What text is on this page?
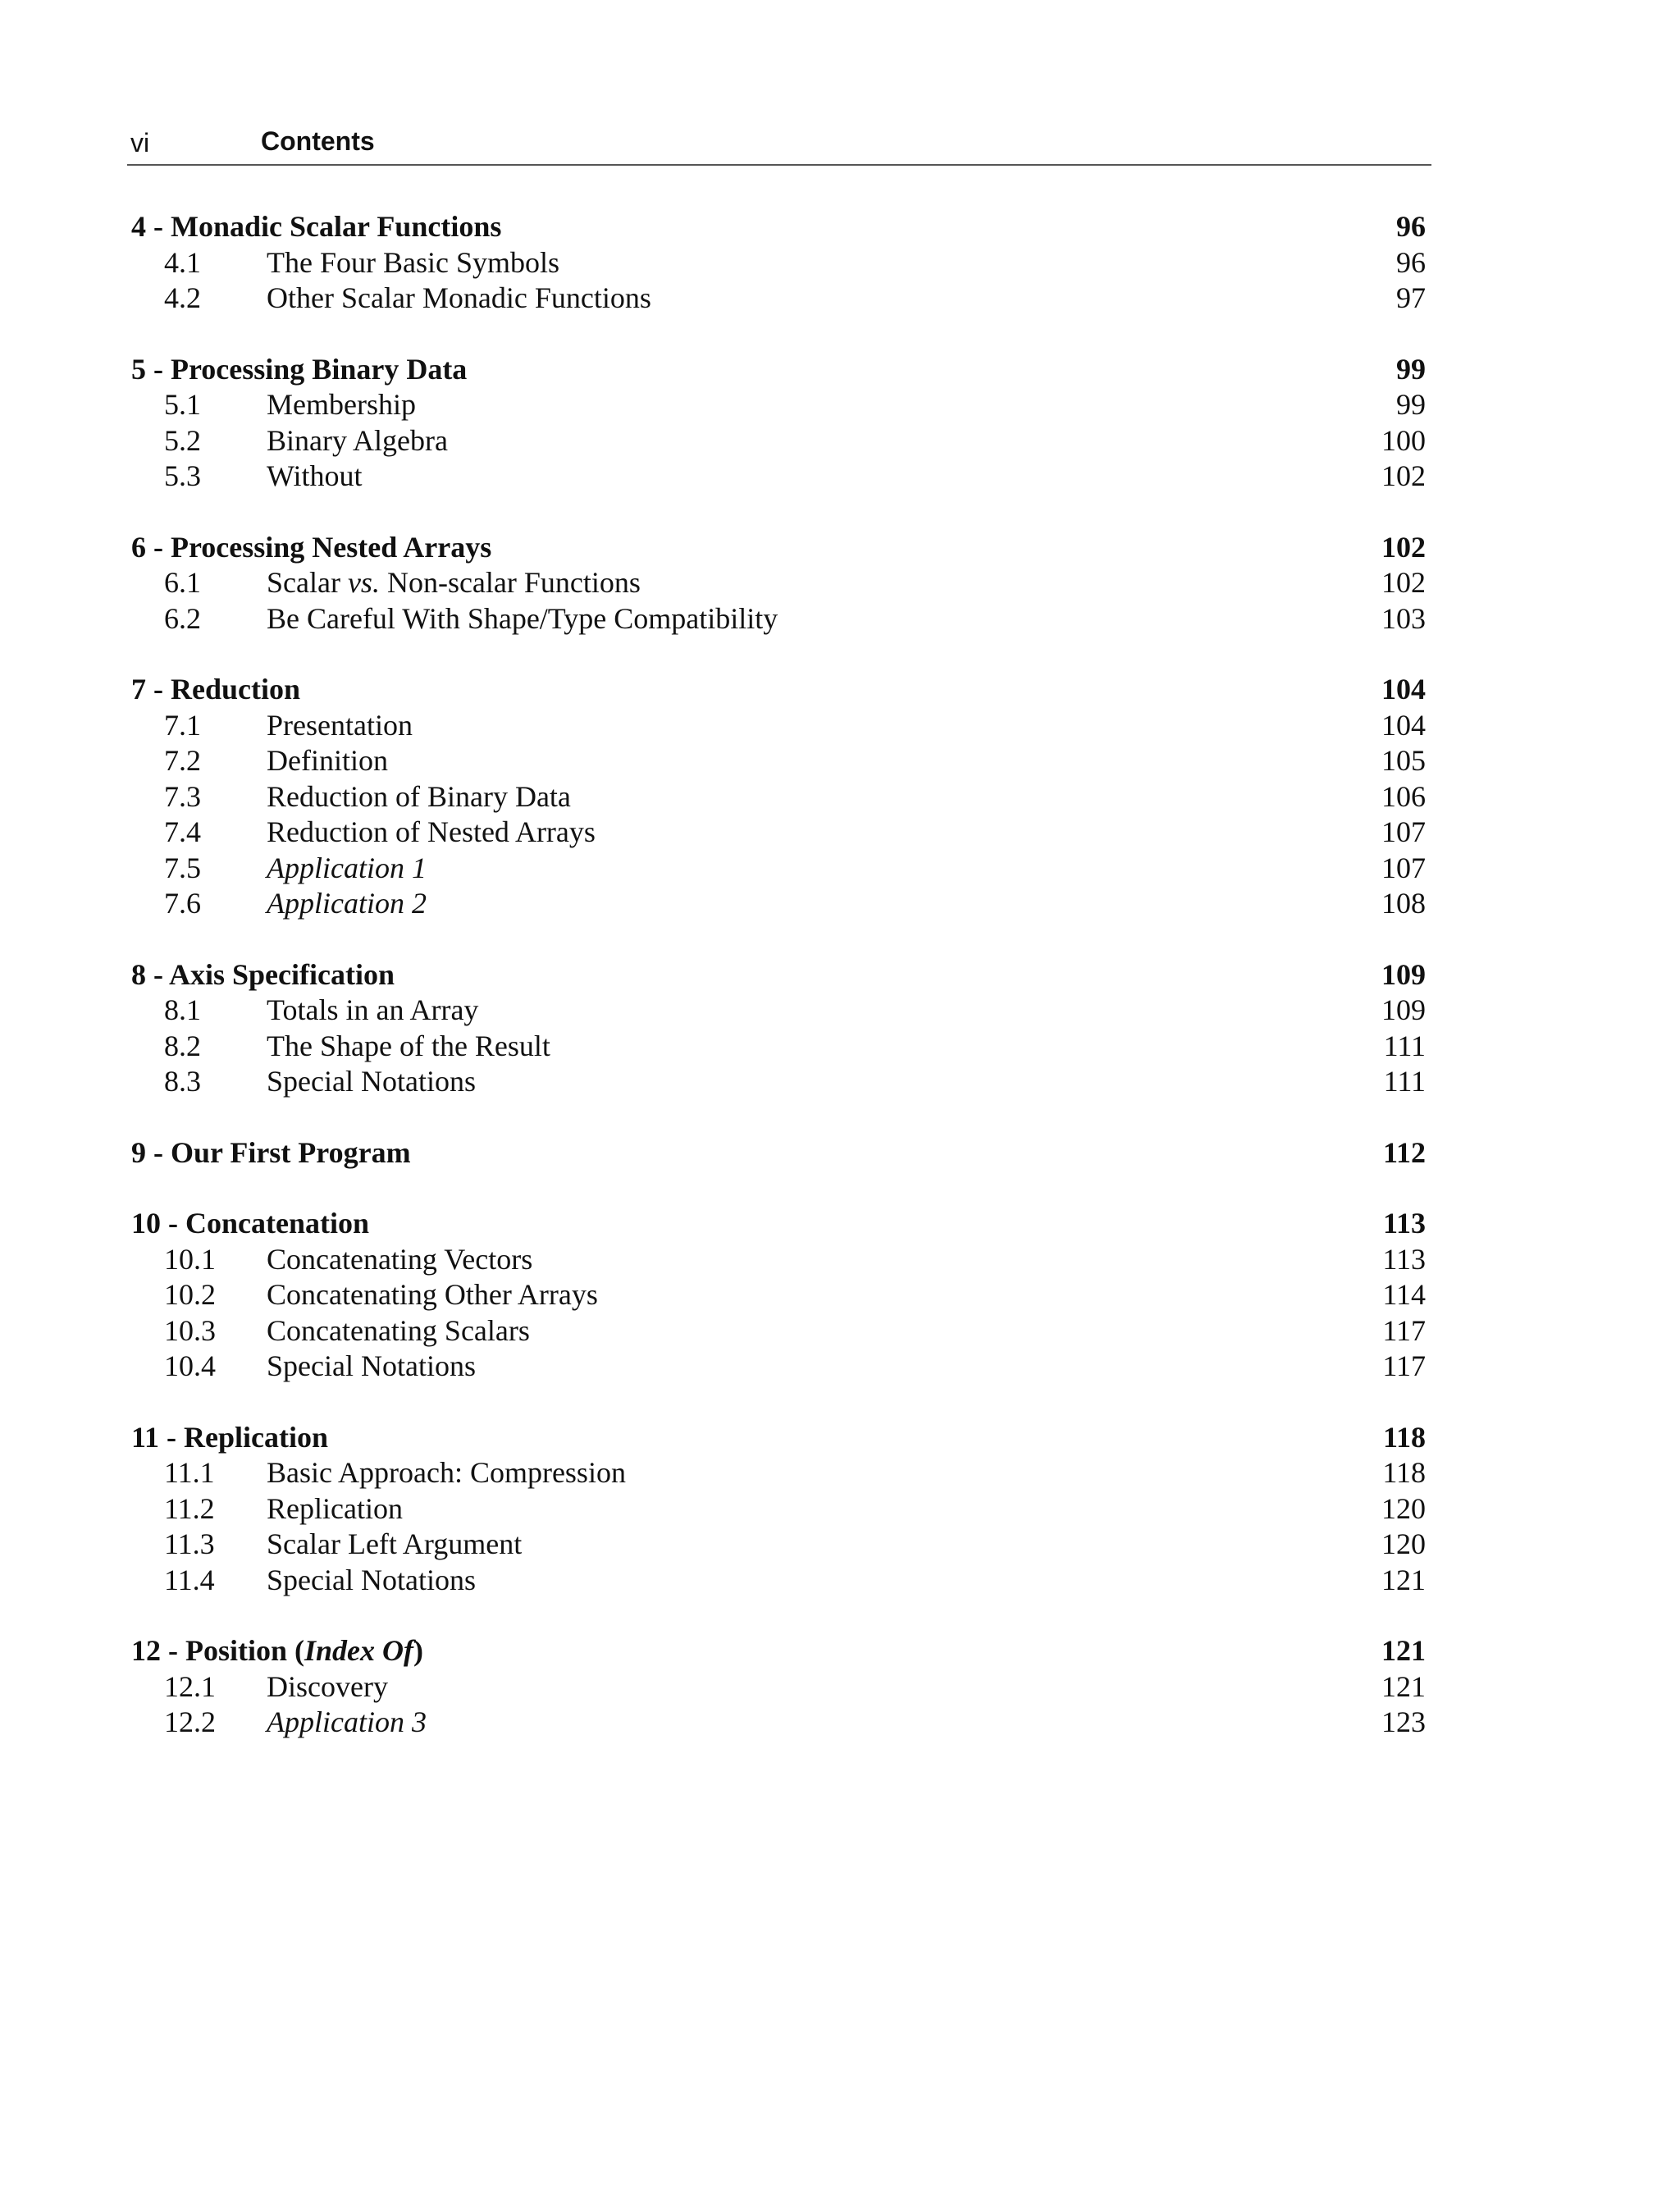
vi	Contents
4 - Monadic Scalar Functions	96
4.1 The Four Basic Symbols	96
4.2 Other Scalar Monadic Functions	97
5 - Processing Binary Data	99
5.1 Membership	99
5.2 Binary Algebra	100
5.3 Without	102
6 - Processing Nested Arrays	102
6.1 Scalar vs. Non-scalar Functions	102
6.2 Be Careful With Shape/Type Compatibility	103
7 - Reduction	104
7.1 Presentation	104
7.2 Definition	105
7.3 Reduction of Binary Data	106
7.4 Reduction of Nested Arrays	107
7.5 Application 1	107
7.6 Application 2	108
8 - Axis Specification	109
8.1 Totals in an Array	109
8.2 The Shape of the Result	111
8.3 Special Notations	111
9 - Our First Program	112
10 - Concatenation	113
10.1 Concatenating Vectors	113
10.2 Concatenating Other Arrays	114
10.3 Concatenating Scalars	117
10.4 Special Notations	117
11 - Replication	118
11.1 Basic Approach: Compression	118
11.2 Replication	120
11.3 Scalar Left Argument	120
11.4 Special Notations	121
12 - Position (Index Of)	121
12.1 Discovery	121
12.2 Application 3	123
